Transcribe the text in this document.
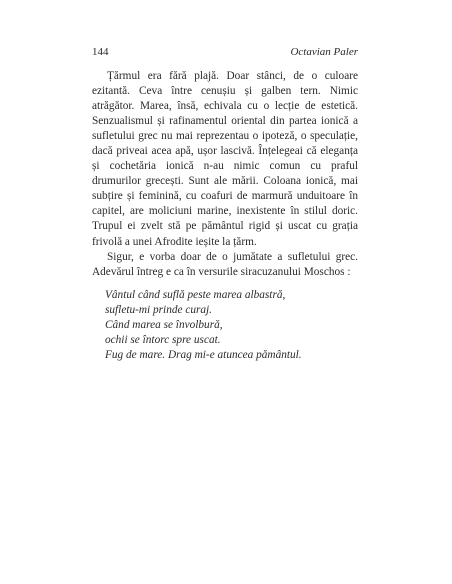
144	Octavian Paler

Țărmul era fără plajă. Doar stânci, de o culoare ezitantă. Ceva între cenușiu și galben tern. Nimic atrăgător. Marea, însă, echivala cu o lecție de estetică. Senzualismul și rafinamentul oriental din partea ionică a sufletului grec nu mai reprezentau o ipoteză, o speculație, dacă priveai acea apă, ușor lascivă. Înțelegeai că eleganța și cochetăria ionică n-au nimic comun cu praful drumurilor grecești. Sunt ale mării. Coloana ionică, mai subțire și feminină, cu coafuri de marmură unduitoare în capitel, are moliciuni marine, inexistente în stilul doric. Trupul ei zvelt stă pe pământul rigid și uscat cu grația frivolă a unei Afrodite ieșite la țărm.

Sigur, e vorba doar de o jumătate a sufletului grec. Adevărul întreg e ca în versurile siracuzanului Moschos :

Vântul când suflă peste marea albastră,
sufletu-mi prinde curaj.
Când marea se învolbură,
ochii se întorc spre uscat.
Fug de mare. Drag mi-e atuncea pământul.
